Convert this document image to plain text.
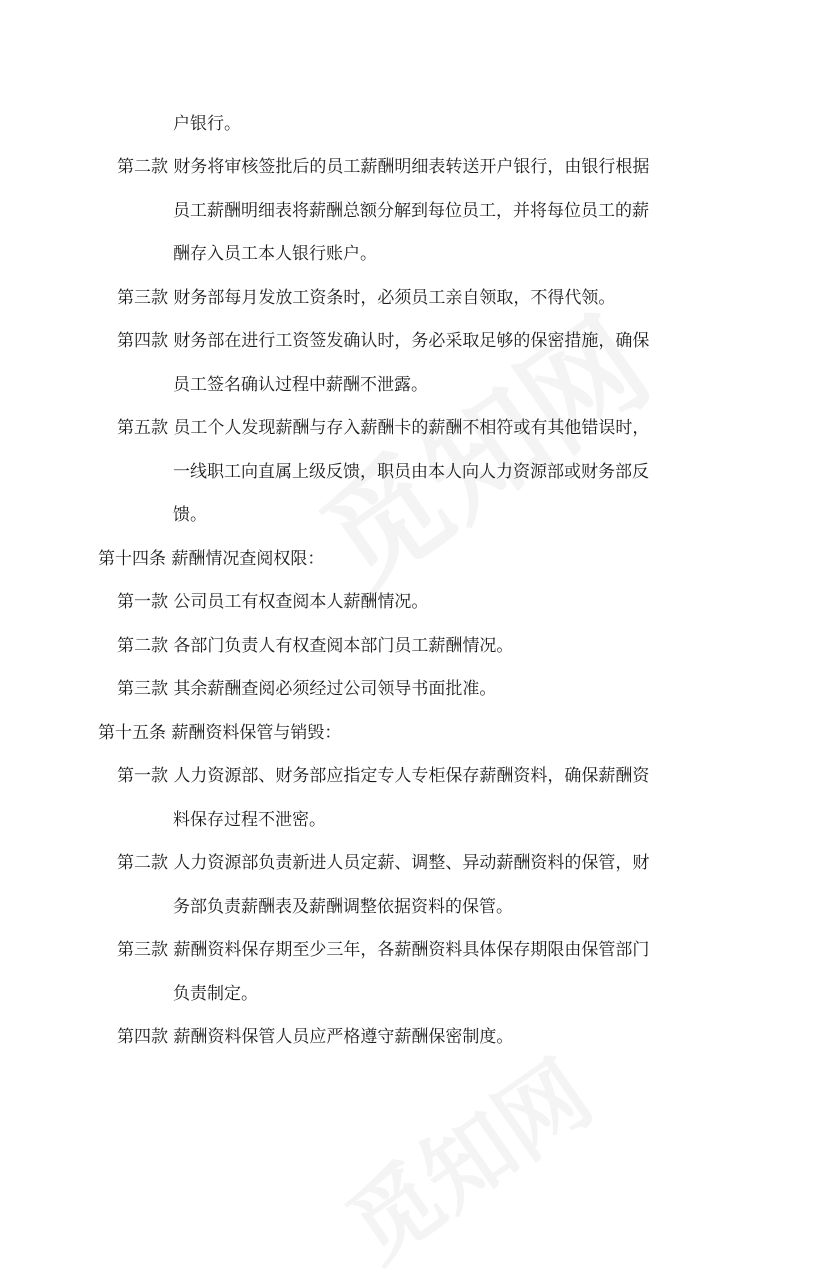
户银行。
第二款 财务将审核签批后的员工薪酬明细表转送开户银行，由银行根据
员工薪酬明细表将薪酬总额分解到每位员工，并将每位员工的薪
酬存入员工本人银行账户。
第三款 财务部每月发放工资条时，必须员工亲自领取，不得代领。
第四款 财务部在进行工资签发确认时，务必采取足够的保密措施，确保
员工签名确认过程中薪酬不泄露。
第五款 员工个人发现薪酬与存入薪酬卡的薪酬不相符或有其他错误时，
一线职工向直属上级反馈，职员由本人向人力资源部或财务部反
馈。
第十四条 薪酬情况查阅权限：
第一款 公司员工有权查阅本人薪酬情况。
第二款 各部门负责人有权查阅本部门员工薪酬情况。
第三款 其余薪酬查阅必须经过公司领导书面批准。
第十五条 薪酬资料保管与销毁：
第一款 人力资源部、财务部应指定专人专柜保存薪酬资料，确保薪酬资
料保存过程不泄密。
第二款 人力资源部负责新进人员定薪、调整、异动薪酬资料的保管，财
务部负责薪酬表及薪酬调整依据资料的保管。
第三款 薪酬资料保存期至少三年，各薪酬资料具体保存期限由保管部门
负责制定。
第四款 薪酬资料保管人员应严格遵守薪酬保密制度。
